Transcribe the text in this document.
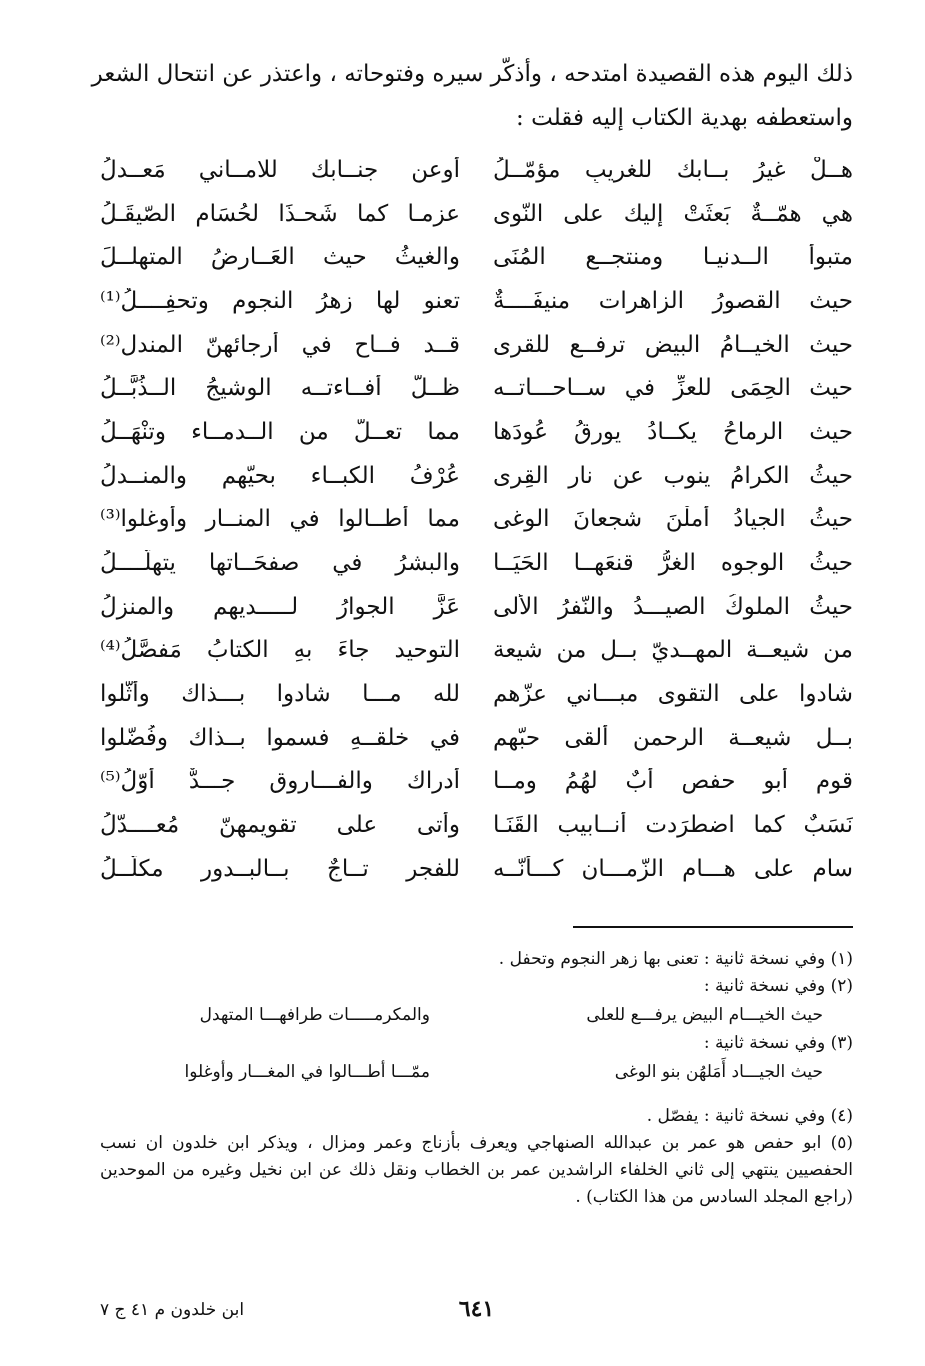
ذلك اليوم هذه القصيدة امتدحه ، وأذكّر سيره وفتوحاته ، واعتذر عن انتحال الشعر
واستعطفه بهدية الكتاب إليه فقلت :
هــلْ غيرُ بــابك للغريبِ مؤمّــلُ
أوعن جنــابك للامــاني مَعــدلُ
هي همّــةٌ بَعثَتْ إليك على النّوى
عزمـا كما شَحـذَا لحُسَام الصّيقَـلُ
متبوأُ الــدنيـا ومنتجــع المُنَى
والغيثُ حيث العَــارضُ المتهلــلَ
حيث القصورُ الزاهرات منيفَــــةٌ
تعنو لها زهرُ النجوم وتحفِــــلُ⁽¹⁾
حيث الخيــامُ البيض ترفــع للقرى
قــد فــاح في أرجائهنّ المندل⁽²⁾
حيث الحِمَى للعزِّ في ســاحـــاتــه
ظــلٌّ أفــاءتــه الوشيجُ الــذُبَّــلُ
حيث الرماحُ يكــادُ يورقُ عُودَها
مما تعــلُّ من الــدمــاء وتنْهَــلُ
حيثُ الكرامُ ينوب عن نارِ القِرى
عُرْفُ الكبــاء بحيّهم والمنــدلُ
حيثُ الجيادُ أملْنَ شجعانَ الوغى
مما أطــالوا في المنــار وأوغلوا⁽³⁾
حيثُ الوجوه الغرُّ قنعَهــا الحَيَــا
والبشرُ في صفحَــاتها يتهلّــــلُ
حيثُ الملوكُ الصيـــدُ والنّفرُ الأُلى
عَزَّ الجوارُ لـــــديهم والمنزلُ
من شيعــة المهــديّ بــل من شيعة
التوحيد جاءَ بهِ الكتابُ مَفصَّلُ⁽⁴⁾
شادوا على التقوى مبـــاني عزّهم
لله مـــا شادوا بـــذاك وأثّلوا
بــل شيعــة الرحمن ألقى حبّهم
في خلقــهِ فسموا بــذاك وفُضّلوا
قوم أبو حفص أبٌ لهُمُ ومــا
أدراك والفـــاروق جـــدٌّ أوّلُ⁽⁵⁾
نَسَبٌ كما اضطرَدت أنــابيب القَنَـا
وأتى على تقويمهنّ مُعــــدّلُ
سام على هـــام الزّمـــان كـــأنّــه
للفجر تــاجٌ بــالبــدور مكلّــلُ
(١) وفي نسخة ثانية : تعنى بها زهر النجوم وتحفل .
(٢) وفي نسخة ثانية :
حيث الخيـــام البيض يرفـــع للعلى
والمكرمـــــات طرافهـــا المتهدل
(٣) وفي نسخة ثانية :
حيث الجيـــاد أَمَلهُن بنو الوغى
ممّـــا أطـــالوا في المغـــار وأوغلوا
(٤) وفي نسخة ثانية : يفصّل .
(٥) ابو حفص هو عمر بن عبدالله الصنهاجي ويعرف بأزناج وعمر ومزال ، ويذكر ابن خلدون ان نسب الحفصيين ينتهي إلى ثاني الخلفاء الراشدين عمر بن الخطاب ونقل ذلك عن ابن نخيل وغيره من الموحدين (راجع المجلد السادس من هذا الكتاب) .
٦٤١
ابن خلدون م ٤١ ج ٧
